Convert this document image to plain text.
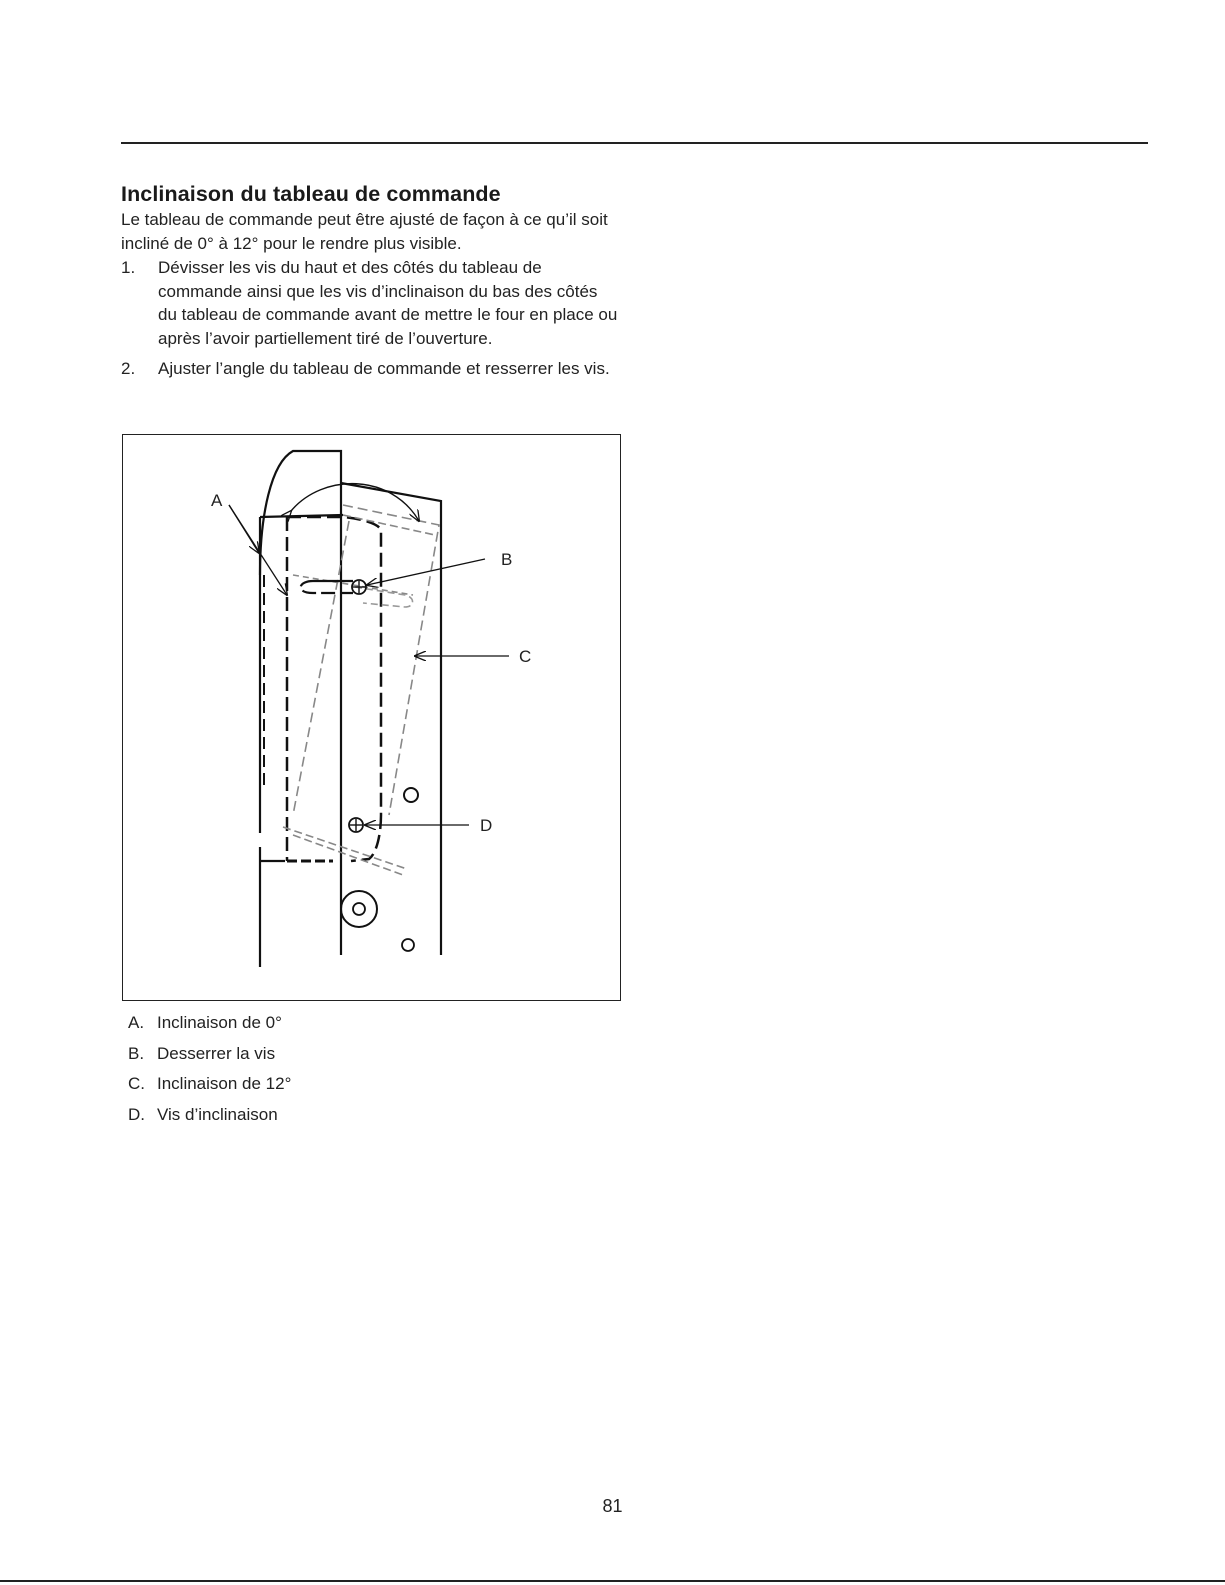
Inclinaison du tableau de commande

Le tableau de commande peut être ajusté de façon à ce qu’il soit incliné de 0° à 12° pour le rendre plus visible.

1. Dévisser les vis du haut et des côtés du tableau de commande ainsi que les vis d’inclinaison du bas des côtés du tableau de commande avant de mettre le four en place ou après l’avoir partiellement tiré de l’ouverture.
2. Ajuster l’angle du tableau de commande et resserrer les vis.
A
B
C
D
A. Inclinaison de 0°
B. Desserrer la vis
C. Inclinaison de 12°
D. Vis d’inclinaison
81
